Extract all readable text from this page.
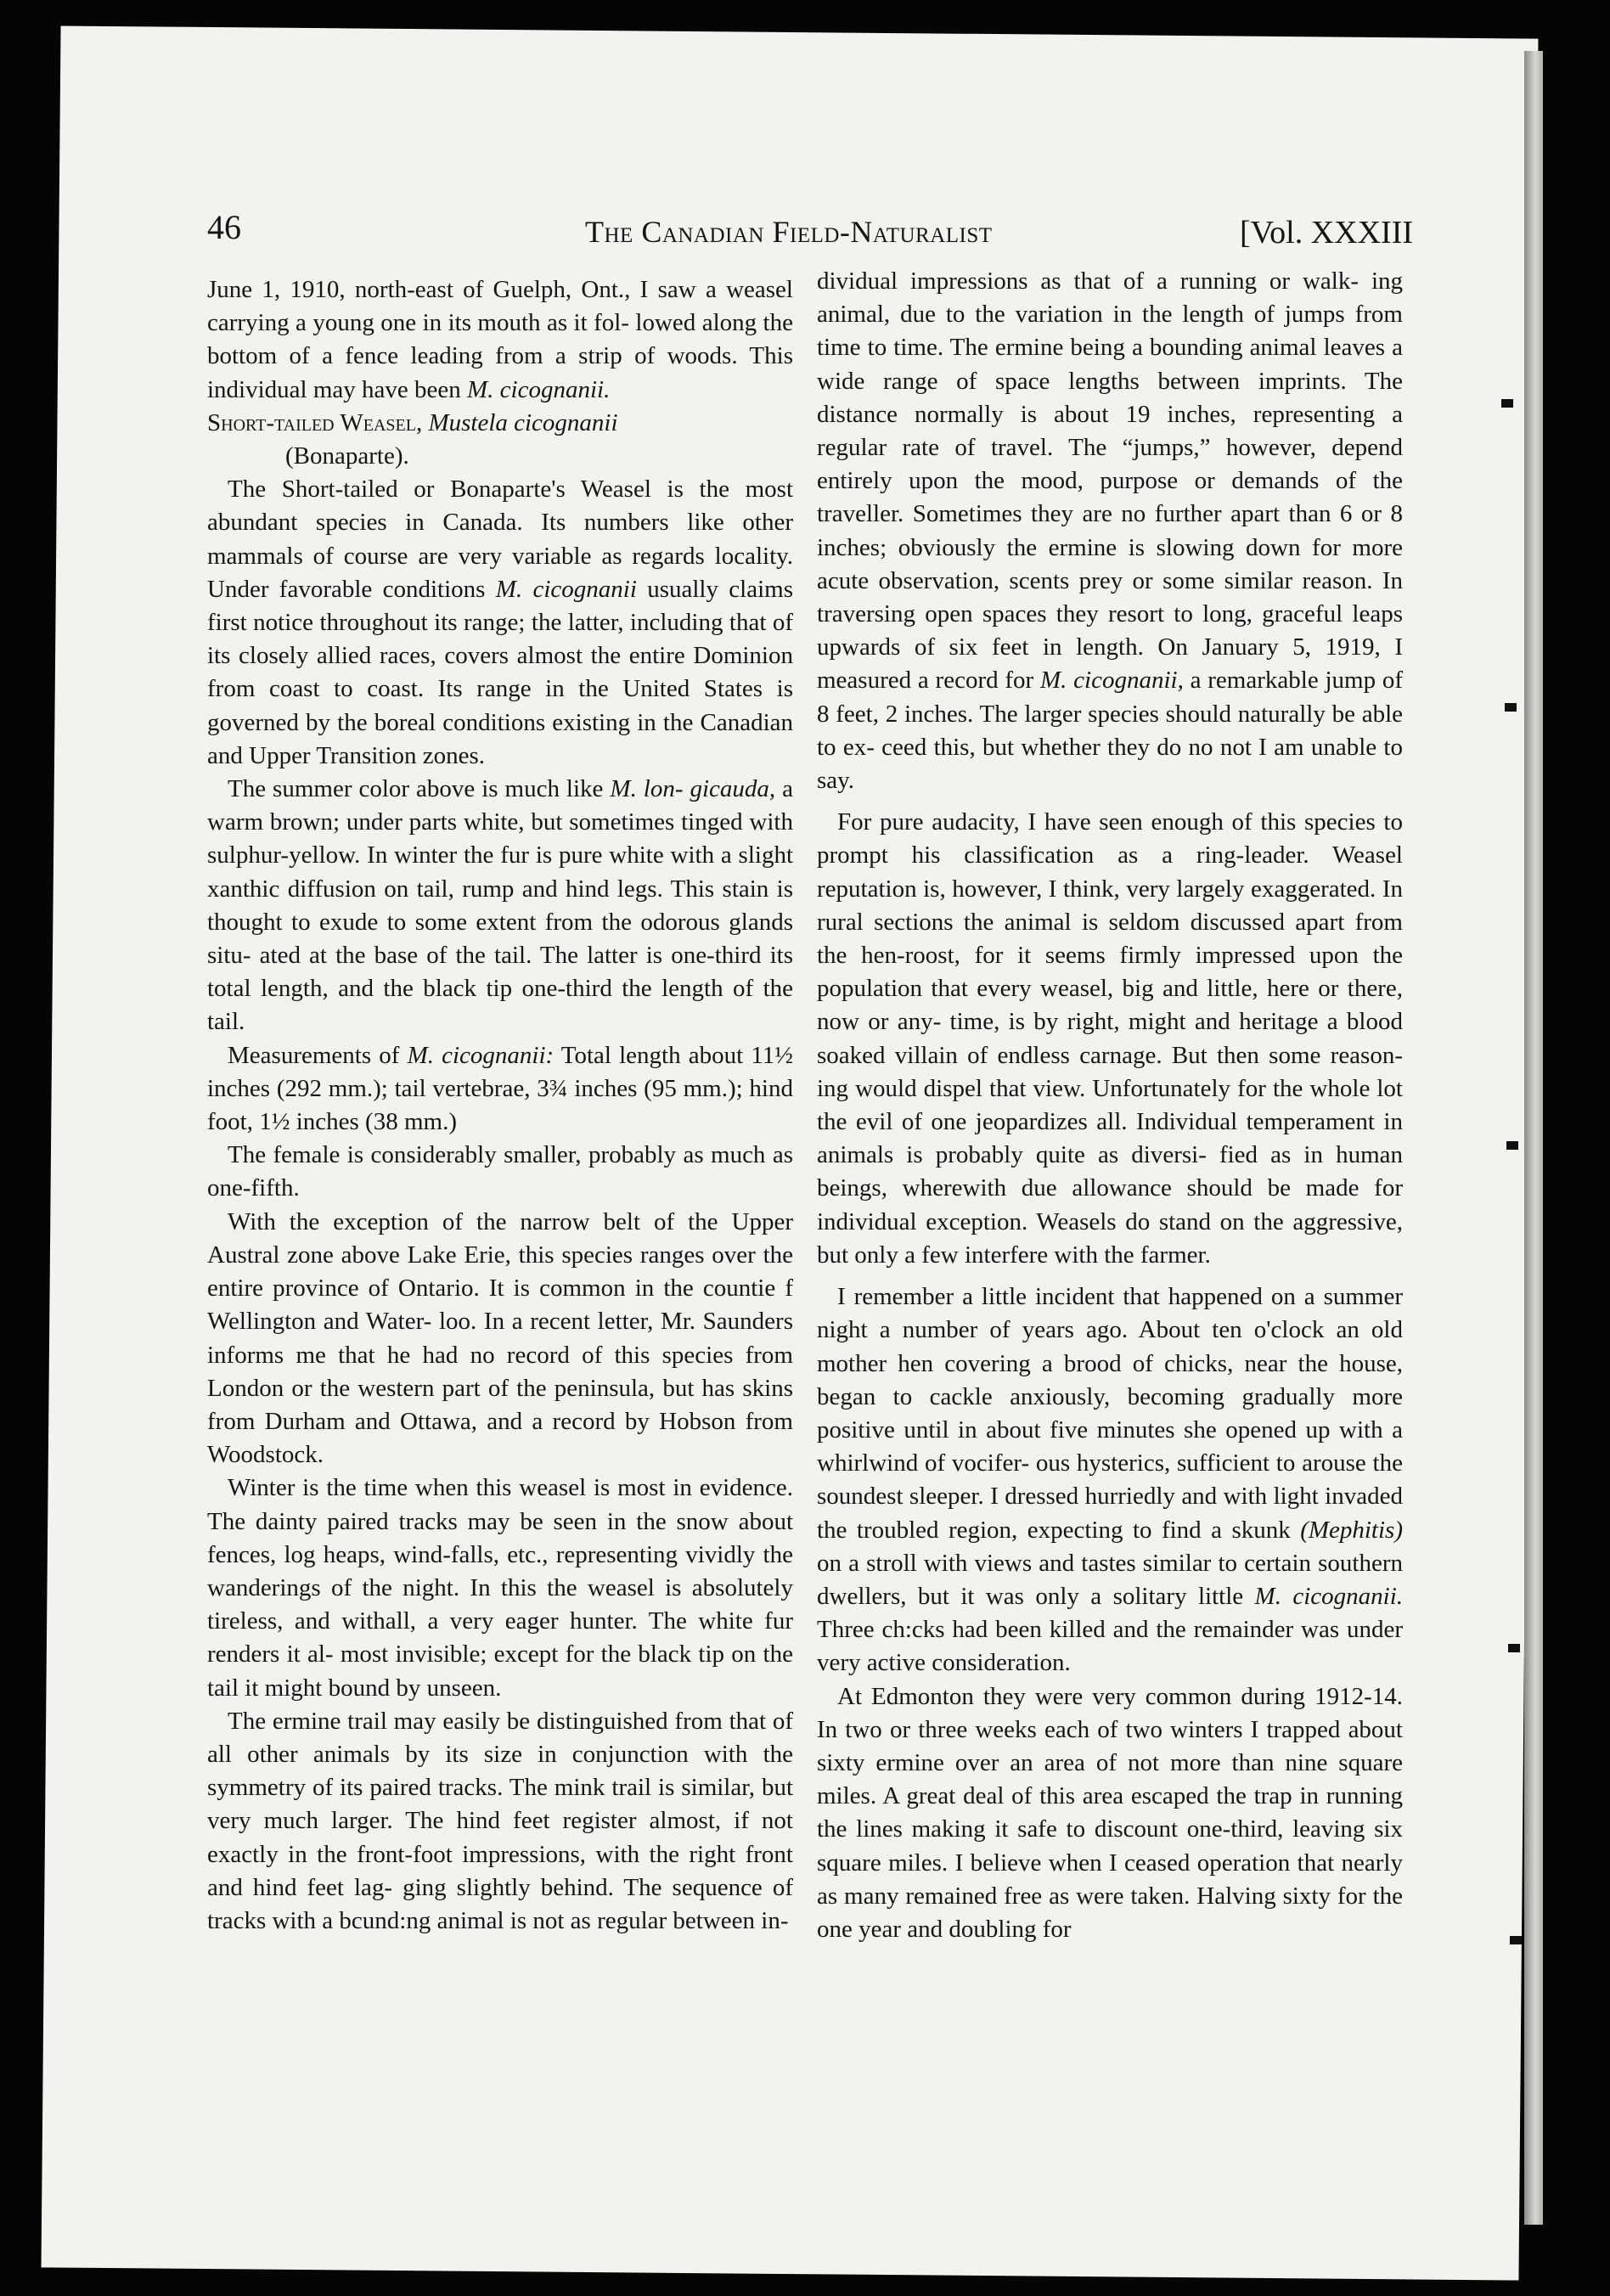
46	The Canadian Field-Naturalist	[Vol. XXXIII

June 1, 1910, north-east of Guelph, Ont., I saw a weasel carrying a young one in its mouth as it fol- lowed along the bottom of a fence leading from a strip of woods. This individual may have been M. cicognanii.

Short-tailed Weasel, Mustela cicognanii

(Bonaparte).

The Short-tailed or Bonaparte's Weasel is the most abundant species in Canada. Its numbers like other mammals of course are very variable as regards locality. Under favorable conditions M. cicognanii usually claims first notice throughout its range; the latter, including that of its closely allied races, covers almost the entire Dominion from coast to coast. Its range in the United States is governed by the boreal conditions existing in the Canadian and Upper Transition zones.

The summer color above is much like M. lon- gicauda, a warm brown; under parts white, but sometimes tinged with sulphur-yellow. In winter the fur is pure white with a slight xanthic diffusion on tail, rump and hind legs. This stain is thought to exude to some extent from the odorous glands situ- ated at the base of the tail. The latter is one-third its total length, and the black tip one-third the length of the tail.

Measurements of M. cicognanii: Total length about 11½ inches (292 mm.); tail vertebrae, 3¾ inches (95 mm.); hind foot, 1½ inches (38 mm.)

The female is considerably smaller, probably as much as one-fifth.

With the exception of the narrow belt of the Upper Austral zone above Lake Erie, this species ranges over the entire province of Ontario. It is common in the countie f Wellington and Water- loo. In a recent letter, Mr. Saunders informs me that he had no record of this species from London or the western part of the peninsula, but has skins from Durham and Ottawa, and a record by Hobson from Woodstock.

Winter is the time when this weasel is most in evidence. The dainty paired tracks may be seen in the snow about fences, log heaps, wind-falls, etc., representing vividly the wanderings of the night. In this the weasel is absolutely tireless, and withall, a very eager hunter. The white fur renders it al- most invisible; except for the black tip on the tail it might bound by unseen.

The ermine trail may easily be distinguished from that of all other animals by its size in conjunction with the symmetry of its paired tracks. The mink trail is similar, but very much larger. The hind feet register almost, if not exactly in the front-foot impressions, with the right front and hind feet lag- ging slightly behind. The sequence of tracks with a bcund:ng animal is not as regular between in-

dividual impressions as that of a running or walk- ing animal, due to the variation in the length of jumps from time to time. The ermine being a bounding animal leaves a wide range of space lengths between imprints. The distance normally is about 19 inches, representing a regular rate of travel. The “jumps,” however, depend entirely upon the mood, purpose or demands of the traveller. Sometimes they are no further apart than 6 or 8 inches; obviously the ermine is slowing down for more acute observation, scents prey or some similar reason. In traversing open spaces they resort to long, graceful leaps upwards of six feet in length. On January 5, 1919, I measured a record for M. cicognanii, a remarkable jump of 8 feet, 2 inches. The larger species should naturally be able to ex- ceed this, but whether they do no not I am unable to say.

For pure audacity, I have seen enough of this species to prompt his classification as a ring-leader. Weasel reputation is, however, I think, very largely exaggerated. In rural sections the animal is seldom discussed apart from the hen-roost, for it seems firmly impressed upon the population that every weasel, big and little, here or there, now or any- time, is by right, might and heritage a blood soaked villain of endless carnage. But then some reason- ing would dispel that view. Unfortunately for the whole lot the evil of one jeopardizes all. Individual temperament in animals is probably quite as diversi- fied as in human beings, wherewith due allowance should be made for individual exception. Weasels do stand on the aggressive, but only a few interfere with the farmer.

I remember a little incident that happened on a summer night a number of years ago. About ten o'clock an old mother hen covering a brood of chicks, near the house, began to cackle anxiously, becoming gradually more positive until in about five minutes she opened up with a whirlwind of vocifer- ous hysterics, sufficient to arouse the soundest sleeper. I dressed hurriedly and with light invaded the troubled region, expecting to find a skunk (Mephitis) on a stroll with views and tastes similar to certain southern dwellers, but it was only a solitary little M. cicognanii. Three ch:cks had been killed and the remainder was under very active consideration.

At Edmonton they were very common during 1912-14. In two or three weeks each of two winters I trapped about sixty ermine over an area of not more than nine square miles. A great deal of this area escaped the trap in running the lines making it safe to discount one-third, leaving six square miles. I believe when I ceased operation that nearly as many remained free as were taken. Halving sixty for the one year and doubling for
